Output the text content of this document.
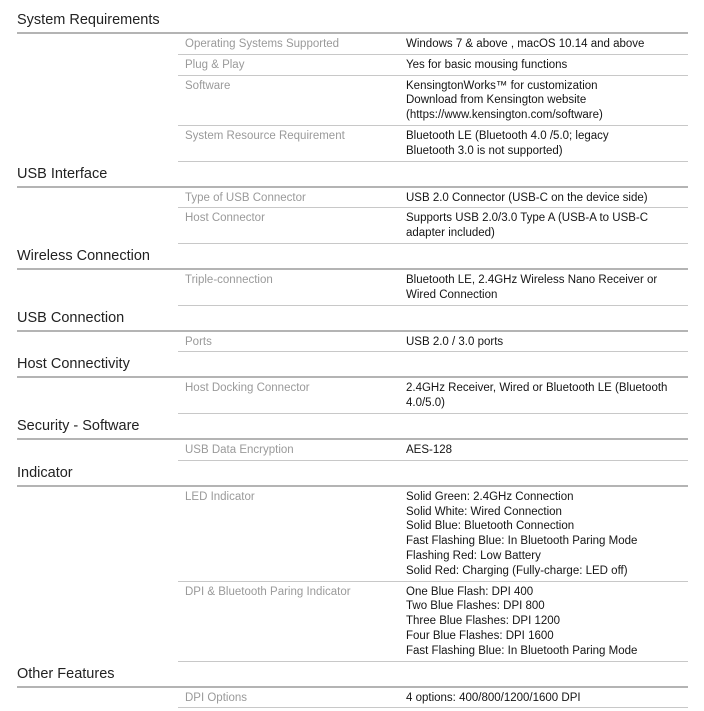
System Requirements
Operating Systems Supported	Windows 7 & above , macOS 10.14 and above
Plug & Play	Yes for basic mousing functions
Software	KensingtonWorks™ for customization
Download from Kensington website
(https://www.kensington.com/software)
System Resource Requirement	Bluetooth LE (Bluetooth 4.0 /5.0; legacy
Bluetooth 3.0 is not supported)
USB Interface
Type of USB Connector	USB 2.0 Connector (USB-C on the device side)
Host Connector	Supports USB 2.0/3.0 Type A (USB-A to USB-C
adapter included)
Wireless Connection
Triple-connection	Bluetooth LE, 2.4GHz Wireless Nano Receiver or
Wired Connection
USB Connection
Ports	USB 2.0 / 3.0 ports
Host Connectivity
Host Docking Connector	2.4GHz Receiver, Wired or Bluetooth LE (Bluetooth
4.0/5.0)
Security - Software
USB Data Encryption	AES-128
Indicator
LED Indicator	Solid Green: 2.4GHz Connection
Solid White: Wired Connection
Solid Blue: Bluetooth Connection
Fast Flashing Blue: In Bluetooth Paring Mode
Flashing Red: Low Battery
Solid Red: Charging (Fully-charge: LED off)
DPI & Bluetooth Paring Indicator	One Blue Flash: DPI 400
Two Blue Flashes: DPI 800
Three Blue Flashes: DPI 1200
Four Blue Flashes: DPI 1600
Fast Flashing Blue: In Bluetooth Paring Mode
Other Features
DPI Options	4 options: 400/800/1200/1600 DPI
